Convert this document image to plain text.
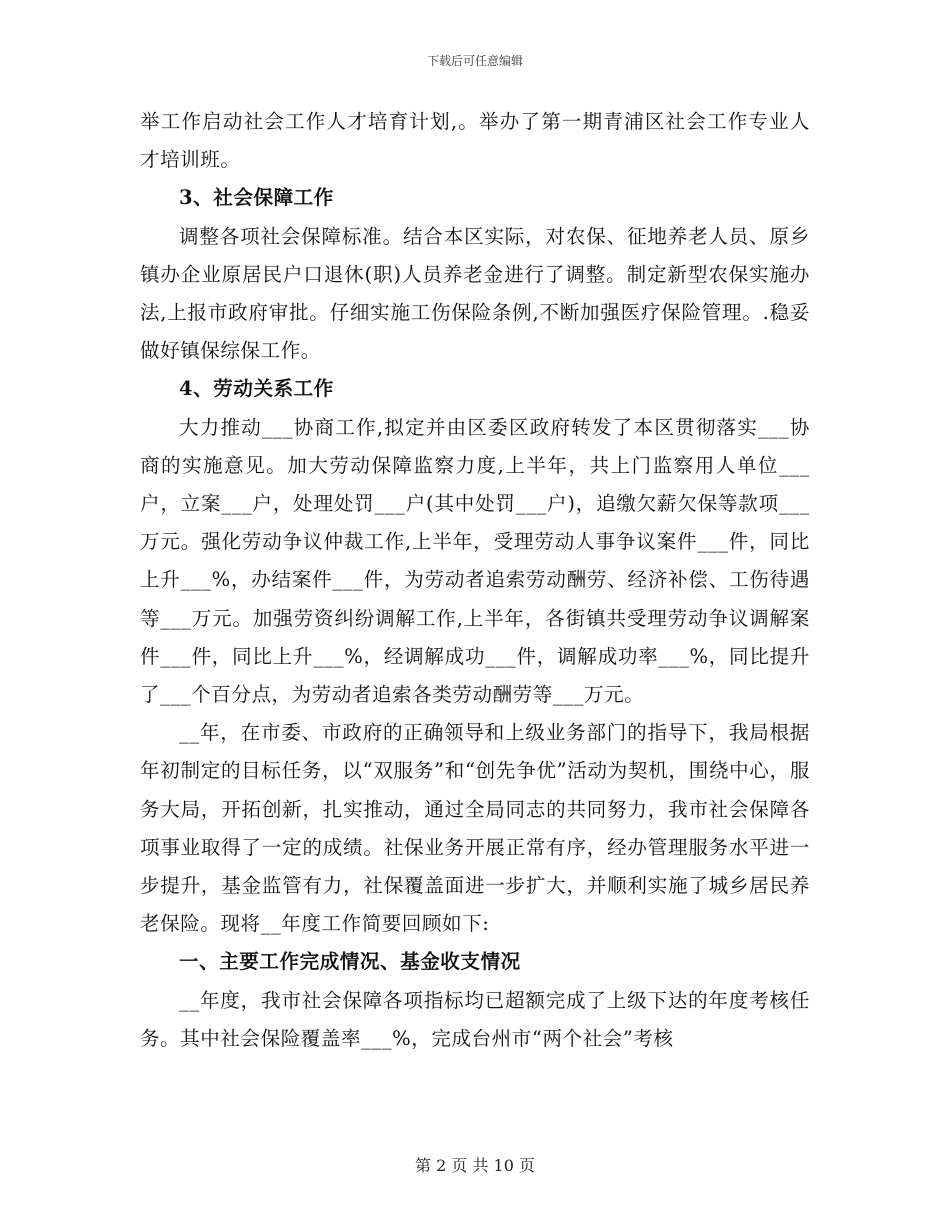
下载后可任意编辑

举工作启动社会工作人才培育计划,。举办了第一期青浦区社会工作专业人才培训班。

3、社会保障工作

调整各项社会保障标准。结合本区实际，对农保、征地养老人员、原乡镇办企业原居民户口退休(职)人员养老金进行了调整。制定新型农保实施办法,上报市政府审批。仔细实施工伤保险条例,不断加强医疗保险管理。.稳妥做好镇保综保工作。

4、劳动关系工作

大力推动___协商工作,拟定并由区委区政府转发了本区贯彻落实___协商的实施意见。加大劳动保障监察力度,上半年，共上门监察用人单位___户，立案___户，处理处罚___户(其中处罚___户)，追缴欠薪欠保等款项___万元。强化劳动争议仲裁工作,上半年，受理劳动人事争议案件___件，同比上升___%，办结案件___件，为劳动者追索劳动酬劳、经济补偿、工伤待遇等___万元。加强劳资纠纷调解工作,上半年，各街镇共受理劳动争议调解案件___件，同比上升___%，经调解成功___件，调解成功率___%，同比提升了___个百分点，为劳动者追索各类劳动酬劳等___万元。

__年，在市委、市政府的正确领导和上级业务部门的指导下，我局根据年初制定的目标任务，以“双服务”和“创先争优”活动为契机，围绕中心，服务大局，开拓创新，扎实推动，通过全局同志的共同努力，我市社会保障各项事业取得了一定的成绩。社保业务开展正常有序，经办管理服务水平进一步提升，基金监管有力，社保覆盖面进一步扩大，并顺利实施了城乡居民养老保险。现将__年度工作简要回顾如下:

一、主要工作完成情况、基金收支情况

__年度，我市社会保障各项指标均已超额完成了上级下达的年度考核任务。其中社会保险覆盖率___%，完成台州市“两个社会”考核

第 2 页 共 10 页
